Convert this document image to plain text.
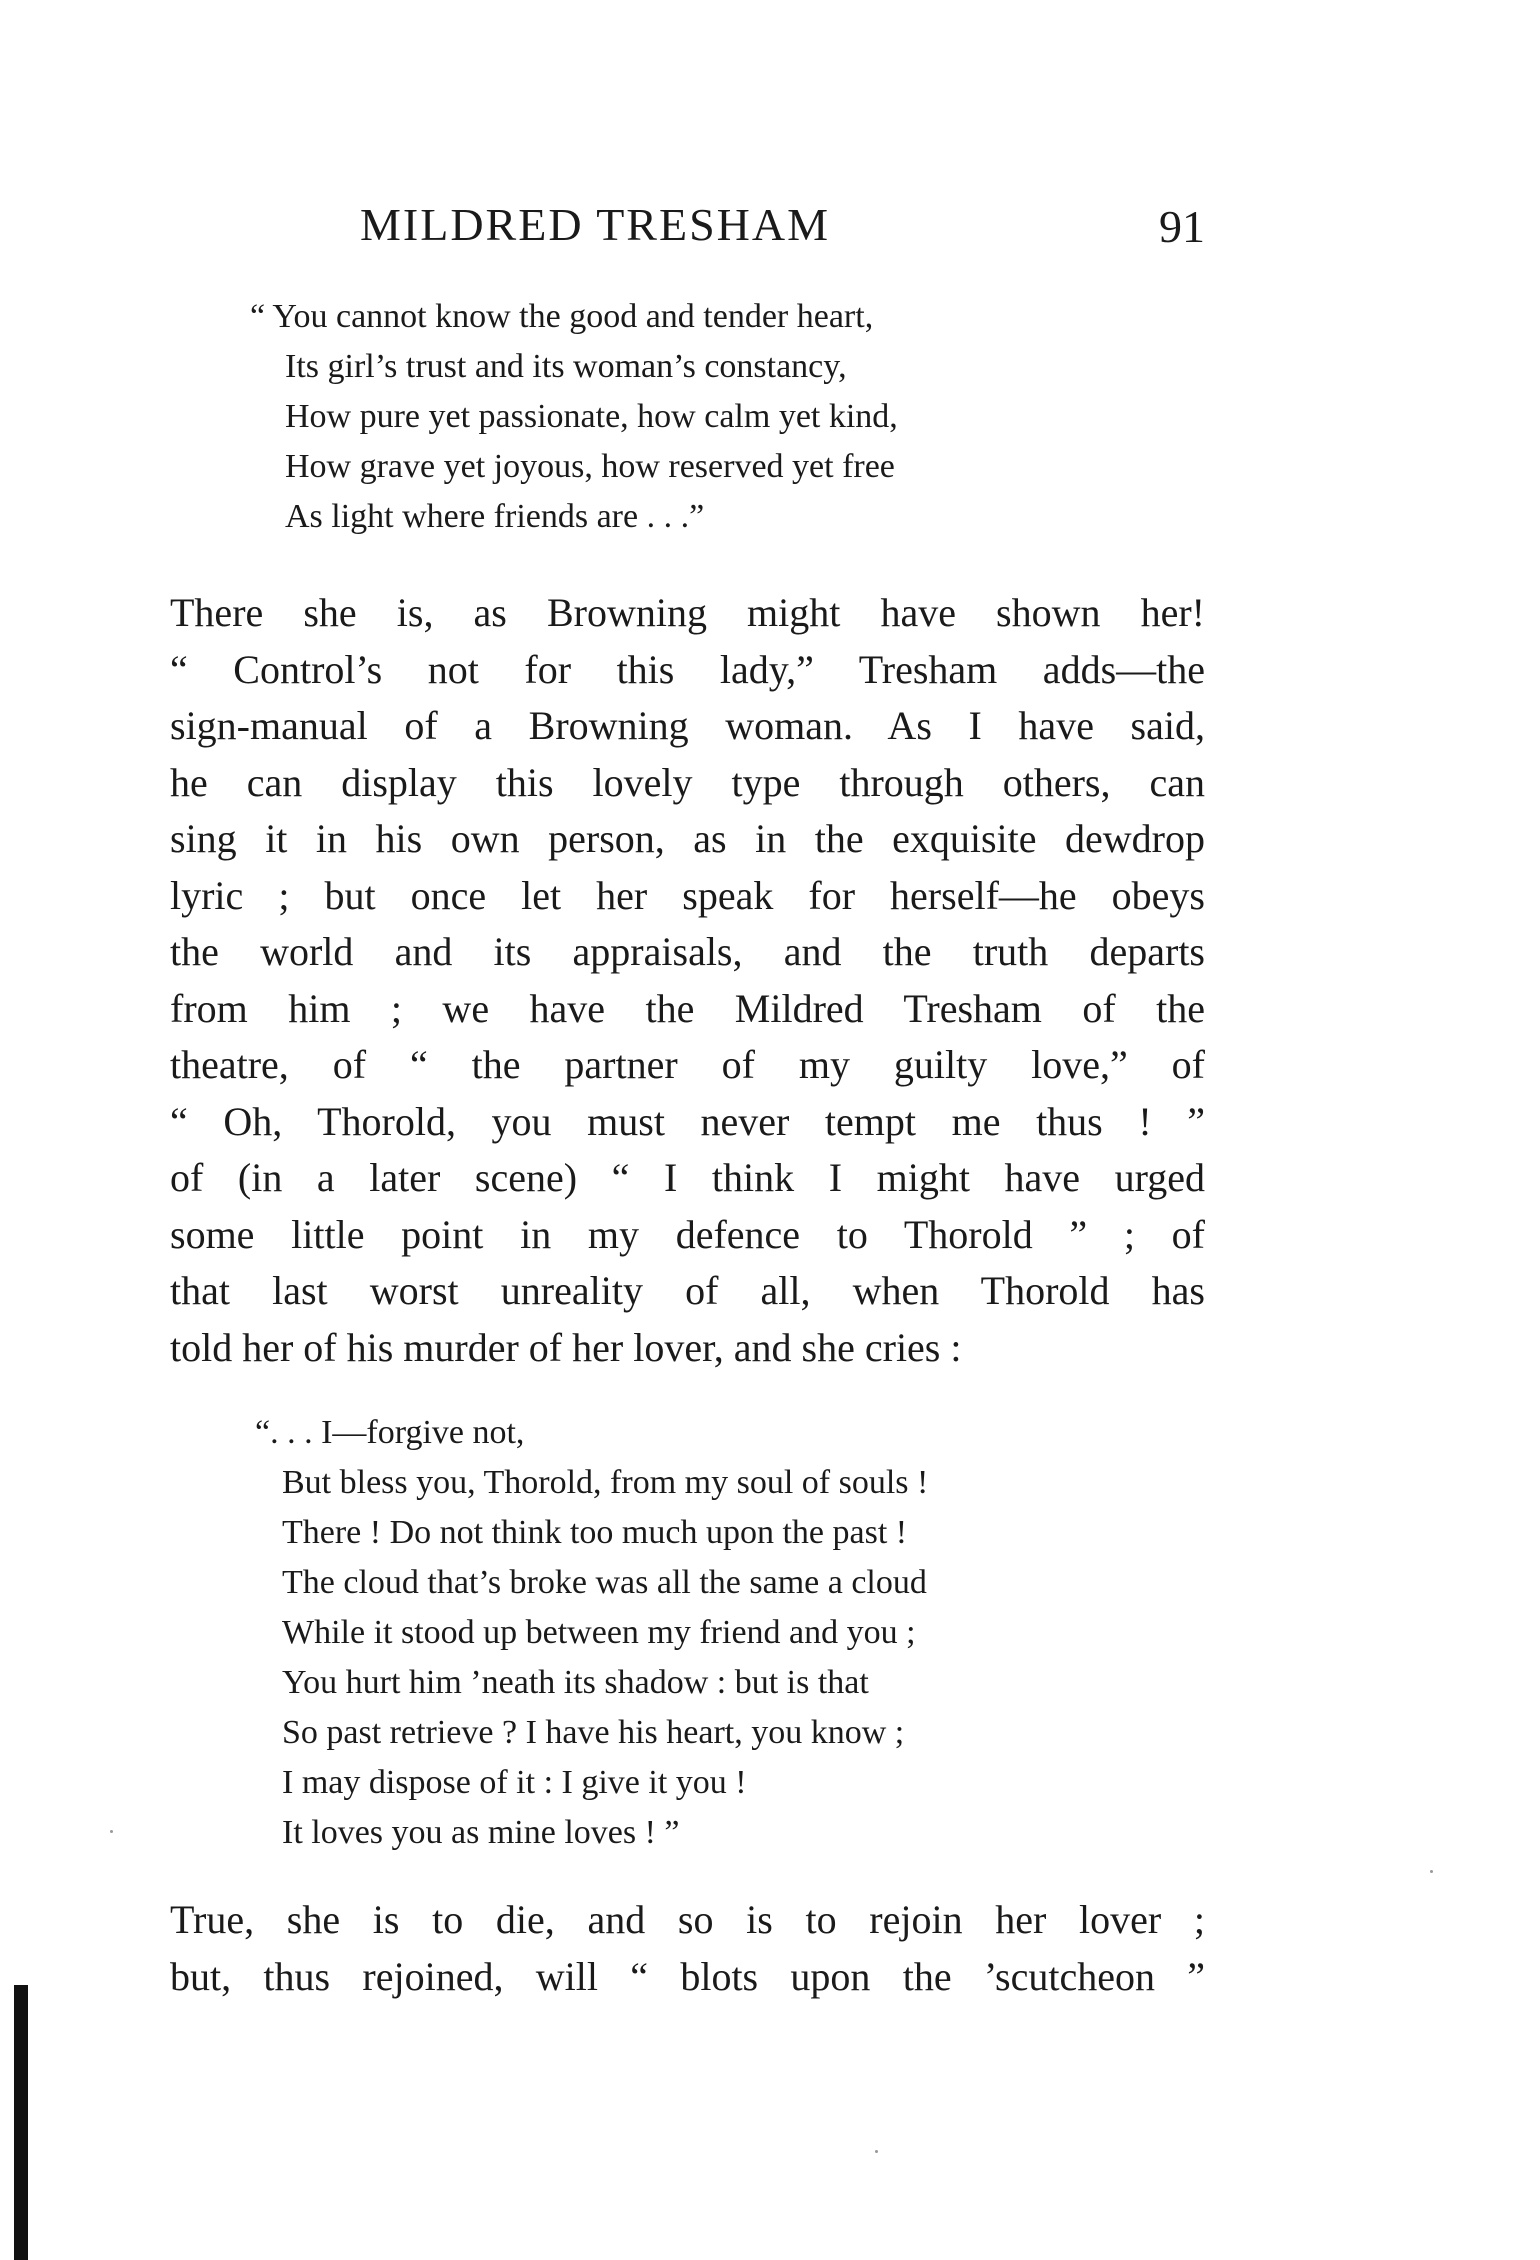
MILDRED TRESHAM	91
“ You cannot know the good and tender heart,
Its girl’s trust and its woman’s constancy,
How pure yet passionate, how calm yet kind,
How grave yet joyous, how reserved yet free
As light where friends are . . .”
There she is, as Browning might have shown her!
“ Control’s not for this lady,” Tresham adds—the
sign-manual of a Browning woman. As I have said,
he can display this lovely type through others, can
sing it in his own person, as in the exquisite dewdrop
lyric ; but once let her speak for herself—he obeys
the world and its appraisals, and the truth departs
from him ; we have the Mildred Tresham of the
theatre, of “ the partner of my guilty love,” of
“ Oh, Thorold, you must never tempt me thus ! ”
of (in a later scene) “ I think I might have urged
some little point in my defence to Thorold ” ; of
that last worst unreality of all, when Thorold has
told her of his murder of her lover, and she cries :
“. . . I—forgive not,
But bless you, Thorold, from my soul of souls !
There ! Do not think too much upon the past !
The cloud that’s broke was all the same a cloud
While it stood up between my friend and you ;
You hurt him ’neath its shadow : but is that
So past retrieve ? I have his heart, you know ;
I may dispose of it : I give it you !
It loves you as mine loves ! ”
True, she is to die, and so is to rejoin her lover ;
but, thus rejoined, will “ blots upon the ’scutcheon ”
